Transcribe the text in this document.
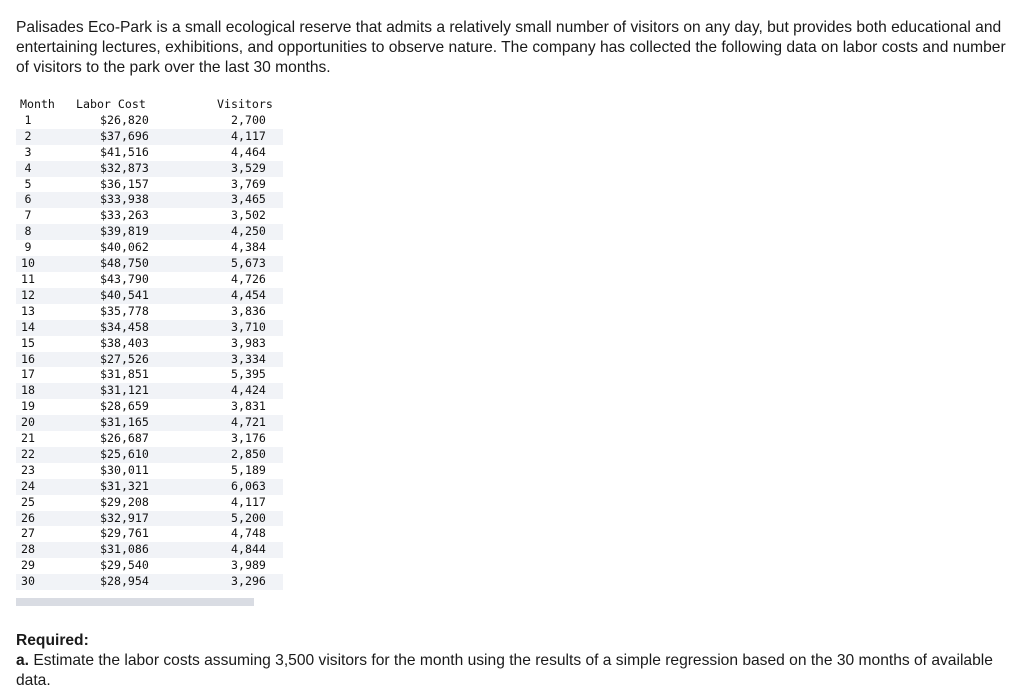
Palisades Eco-Park is a small ecological reserve that admits a relatively small number of visitors on any day, but provides both educational and entertaining lectures, exhibitions, and opportunities to observe nature. The company has collected the following data on labor costs and number of visitors to the park over the last 30 months.

Month	Labor Cost	Visitors
1	$26,820	2,700
2	$37,696	4,117
3	$41,516	4,464
4	$32,873	3,529
5	$36,157	3,769
6	$33,938	3,465
7	$33,263	3,502
8	$39,819	4,250
9	$40,062	4,384
10	$48,750	5,673
11	$43,790	4,726
12	$40,541	4,454
13	$35,778	3,836
14	$34,458	3,710
15	$38,403	3,983
16	$27,526	3,334
17	$31,851	5,395
18	$31,121	4,424
19	$28,659	3,831
20	$31,165	4,721
21	$26,687	3,176
22	$25,610	2,850
23	$30,011	5,189
24	$31,321	6,063
25	$29,208	4,117
26	$32,917	5,200
27	$29,761	4,748
28	$31,086	4,844
29	$29,540	3,989
30	$28,954	3,296

Required:

a. Estimate the labor costs assuming 3,500 visitors for the month using the results of a simple regression based on the 30 months of available data.
